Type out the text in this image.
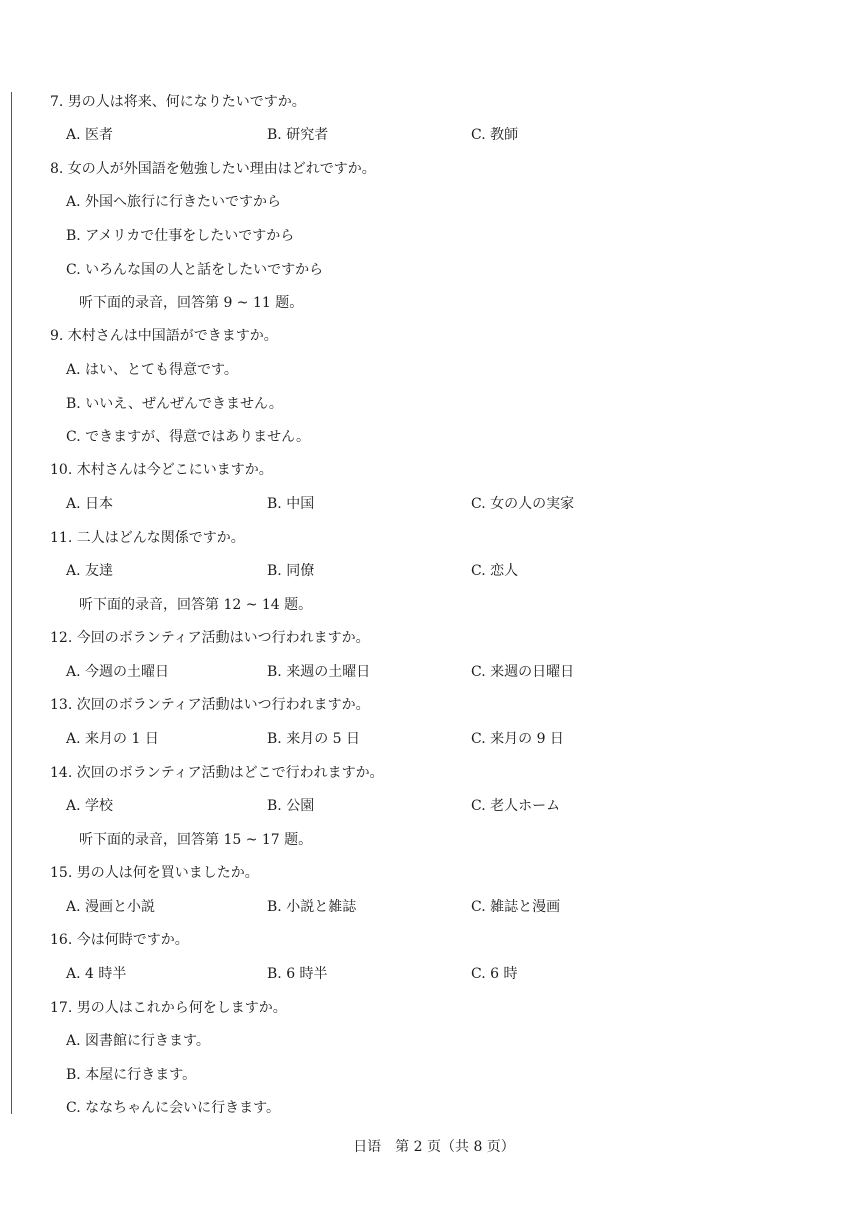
7. 男の人は将来、何になりたいですか。
A. 医者	B. 研究者	C. 教師
8. 女の人が外国語を勉強したい理由はどれですか。
A. 外国へ旅行に行きたいですから
B. アメリカで仕事をしたいですから
C. いろんな国の人と話をしたいですから
听下面的录音，回答第 9 ~ 11 题。
9. 木村さんは中国語ができますか。
A. はい、とても得意です。
B. いいえ、ぜんぜんできません。
C. できますが、得意ではありません。
10. 木村さんは今どこにいますか。
A. 日本	B. 中国	C. 女の人の実家
11. 二人はどんな関係ですか。
A. 友達	B. 同僚	C. 恋人
听下面的录音，回答第 12 ~ 14 题。
12. 今回のボランティア活動はいつ行われますか。
A. 今週の土曜日	B. 来週の土曜日	C. 来週の日曜日
13. 次回のボランティア活動はいつ行われますか。
A. 来月の 1 日	B. 来月の 5 日	C. 来月の 9 日
14. 次回のボランティア活動はどこで行われますか。
A. 学校	B. 公園	C. 老人ホーム
听下面的录音，回答第 15 ~ 17 题。
15. 男の人は何を買いましたか。
A. 漫画と小説	B. 小説と雑誌	C. 雑誌と漫画
16. 今は何時ですか。
A. 4 時半	B. 6 時半	C. 6 時
17. 男の人はこれから何をしますか。
A. 図書館に行きます。
B. 本屋に行きます。
C. ななちゃんに会いに行きます。
日语　第 2 页（共 8 页）
